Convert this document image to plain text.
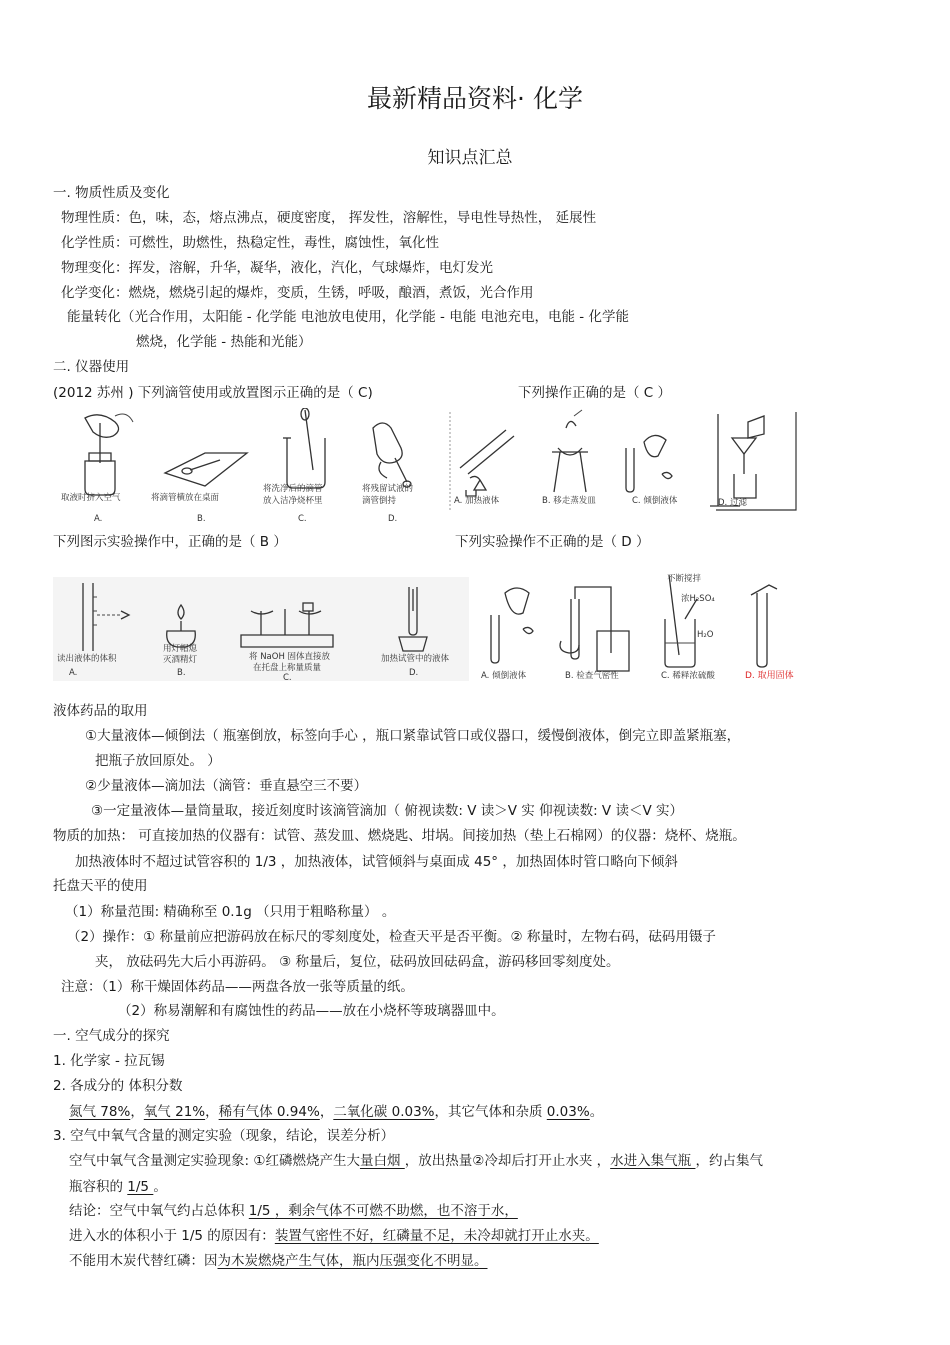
最新精品资料· 化学
知识点汇总
一. 物质性质及变化
物理性质：色，味，态，熔点沸点，硬度密度， 挥发性，溶解性，导电性导热性， 延展性
化学性质：可燃性，助燃性，热稳定性，毒性，腐蚀性，氧化性
物理变化：挥发，溶解，升华，凝华，液化，汽化，气球爆炸，电灯发光
化学变化：燃烧，燃烧引起的爆炸，变质，生锈，呼吸，酿酒，煮饭，光合作用
能量转化（光合作用，太阳能 - 化学能 电池放电使用，化学能 - 电能 电池充电，电能 - 化学能
燃烧，化学能 - 热能和光能）
二. 仪器使用
(2012 苏州 ) 下列滴管使用或放置图示正确的是（ C)	下列操作正确的是（ C ）
取液时挤入空气	将滴管横放在桌面
将洗净后的滴管
放入洁净烧杯里
将残留试液的
滴管倒持
A.	B.	C.	D.
A. 加热液体	B. 移走蒸发皿	C. 倾倒液体	D. 过滤
下列图示实验操作中，正确的是（ B ）	下列实验操作不正确的是（ D ）
读出液体的体积
用灯帽熄
灭酒精灯	将 NaOH 固体直接放
在托盘上称量质量
加热试管中的液体
A.	B.	C.	D.
不断搅拌
浓H₂SO₄
H₂O
A. 倾倒液体	B. 检查气密性	C. 稀释浓硫酸	D. 取用固体
液体药品的取用
①大量液体—倾倒法（ 瓶塞倒放，标签向手心 ，瓶口紧靠试管口或仪器口，缓慢倒液体，倒完立即盖紧瓶塞，
把瓶子放回原处。 ）
②少量液体—滴加法（滴管：垂直悬空三不要）
③一定量液体—量筒量取，接近刻度时该滴管滴加（ 俯视读数: V 读＞V 实 仰视读数: V 读＜V 实）
物质的加热： 可直接加热的仪器有：试管、蒸发皿、燃烧匙、坩埚。间接加热（垫上石棉网）的仪器：烧杯、烧瓶。
加热液体时不超过试管容积的 1/3 ，加热液体，试管倾斜与桌面成 45° ，加热固体时管口略向下倾斜
托盘天平的使用
（1）称量范围: 精确称至 0.1g （只用于粗略称量） 。
（2）操作：① 称量前应把游码放在标尺的零刻度处，检查天平是否平衡。② 称量时，左物右码，砝码用镊子
夹， 放砝码先大后小再游码。 ③ 称量后，复位，砝码放回砝码盒，游码移回零刻度处。
注意：（1）称干燥固体药品——两盘各放一张等质量的纸。
（2）称易潮解和有腐蚀性的药品——放在小烧杯等玻璃器皿中。
一. 空气成分的探究
1. 化学家 - 拉瓦锡
2. 各成分的 体积分数
氮气 78%，氧气 21%，稀有气体 0.94%，二氧化碳 0.03%，其它气体和杂质 0.03%。
3. 空气中氧气含量的测定实验（现象，结论，误差分析）
空气中氧气含量测定实验现象: ①红磷燃烧产生大量白烟 ，放出热量②冷却后打开止水夹 ，水进入集气瓶 ，约占集气
瓶容积的 1/5 。
结论：空气中氧气约占总体积 1/5 ，剩余气体不可燃不助燃，也不溶于水，
进入水的体积小于 1/5 的原因有：装置气密性不好，红磷量不足，未冷却就打开止水夹。
不能用木炭代替红磷：因为木炭燃烧产生气体，瓶内压强变化不明显。
